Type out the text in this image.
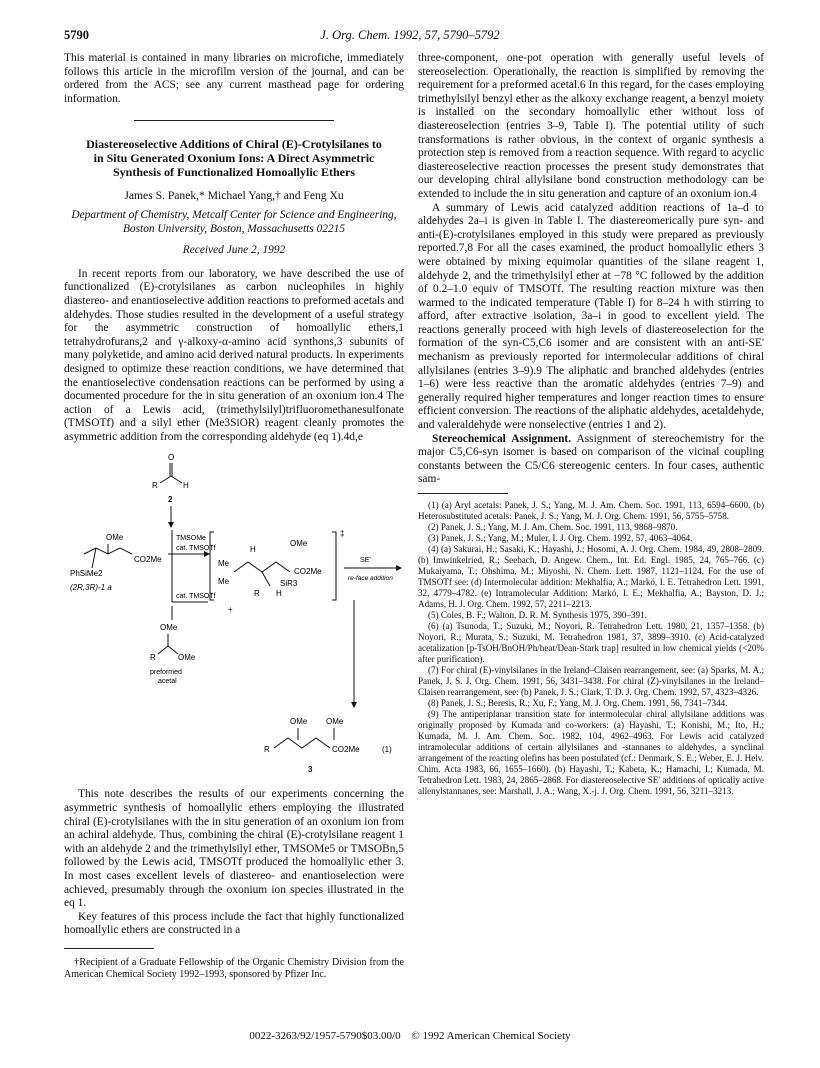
5790	J. Org. Chem. 1992, 57, 5790–5792

This material is contained in many libraries on microfiche, immediately follows this article in the microfilm version of the journal, and can be ordered from the ACS; see any current masthead page for ordering information.

Diastereoselective Additions of Chiral (E)-Crotylsilanes to in Situ Generated Oxonium Ions: A Direct Asymmetric Synthesis of Functionalized Homoallylic Ethers

James S. Panek,* Michael Yang,† and Feng Xu

Department of Chemistry, Metcalf Center for Science and Engineering, Boston University, Boston, Massachusetts 02215

Received June 2, 1992

In recent reports from our laboratory, we have described the use of functionalized (E)-crotylsilanes as carbon nucleophiles in highly diastereo- and enantioselective addition reactions to preformed acetals and aldehydes. Those studies resulted in the development of a useful strategy for the asymmetric construction of homoallylic ethers,1 tetrahydrofurans,2 and γ-alkoxy-α-amino acid synthons,3 subunits of many polyketide, and amino acid derived natural products. In experiments designed to optimize these reaction conditions, we have determined that the enantioselective condensation reactions can be performed by using a documented procedure for the in situ generation of an oxonium ion.4 The action of a Lewis acid, (trimethylsilyl)trifluoromethanesulfonate (TMSOTf) and a silyl ether (Me3SiOR) reagent cleanly promotes the asymmetric addition from the corresponding aldehyde (eq 1).4d,e

O
R	H
2
OMe
CO2Me
PhSiMe2
(2R,3R)-1 a
TMSOMe
cat. TMSOTf
cat. TMSOTf
‡
Me
Me
H
R H
OMe
CO2Me
SiR3
+
SE'
re-face addition
OMe
R	OMe
preformed
acetal
OMe OMe
R	CO2Me
3
(1)

This note describes the results of our experiments concerning the asymmetric synthesis of homoallylic ethers employing the illustrated chiral (E)-crotylsilanes with the in situ generation of an oxonium ion from an achiral aldehyde. Thus, combining the chiral (E)-crotylsilane reagent 1 with an aldehyde 2 and the trimethylsilyl ether, TMSOMe5 or TMSOBn,5 followed by the Lewis acid, TMSOTf produced the homoallylic ether 3. In most cases excellent levels of diastereo- and enantioselection were achieved, presumably through the oxonium ion species illustrated in the eq 1.

Key features of this process include the fact that highly functionalized homoallylic ethers are constructed in a

†Recipient of a Graduate Fellowship of the Organic Chemistry Division from the American Chemical Society 1992–1993, sponsored by Pfizer Inc.

three-component, one-pot operation with generally useful levels of stereoselection. Operationally, the reaction is simplified by removing the requirement for a preformed acetal.6 In this regard, for the cases employing trimethylsilyl benzyl ether as the alkoxy exchange reagent, a benzyl moiety is installed on the secondary homoallylic ether without loss of diastereoselection (entries 3–9, Table I). The potential utility of such transformations is rather obvious, in the context of organic synthesis a protection step is removed from a reaction sequence. With regard to acyclic diastereoselective reaction processes the present study demonstrates that our developing chiral allylsilane bond construction methodology can be extended to include the in situ generation and capture of an oxonium ion.4

A summary of Lewis acid catalyzed addition reactions of 1a–d to aldehydes 2a–i is given in Table I. The diastereomerically pure syn- and anti-(E)-crotylsilanes employed in this study were prepared as previously reported.7,8 For all the cases examined, the product homoallylic ethers 3 were obtained by mixing equimolar quantities of the silane reagent 1, aldehyde 2, and the trimethylsilyl ether at −78 °C followed by the addition of 0.2–1.0 equiv of TMSOTf. The resulting reaction mixture was then warmed to the indicated temperature (Table I) for 8–24 h with stirring to afford, after extractive isolation, 3a–i in good to excellent yield. The reactions generally proceed with high levels of diastereoselection for the formation of the syn-C5,C6 isomer and are consistent with an anti-SE' mechanism as previously reported for intermolecular additions of chiral allylsilanes (entries 3–9).9 The aliphatic and branched aldehydes (entries 1–6) were less reactive than the aromatic aldehydes (entries 7–9) and generally required higher temperatures and longer reaction times to ensure efficient conversion. The reactions of the aliphatic aldehydes, acetaldehyde, and valeraldehyde were nonselective (entries 1 and 2).

Stereochemical Assignment. Assignment of stereochemistry for the major C5,C6-syn isomer is based on comparison of the vicinal coupling constants between the C5/C6 stereogenic centers. In four cases, authentic sam-

(1) (a) Aryl acetals: Panek, J. S.; Yang, M. J. Am. Chem. Soc. 1991, 113, 6594–6600. (b) Heterosubstituted acetals: Panek, J. S.; Yang, M. J. Org. Chem. 1991, 56, 5755–5758.

(2) Panek, J. S.; Yang, M. J. Am. Chem. Soc. 1991, 113, 9868–9870.

(3) Panek, J. S.; Yang, M.; Muler, I. J. Org. Chem. 1992, 57, 4063–4064.

(4) (a) Sakurai, H.; Sasaki, K.; Hayashi, J.; Hosomi, A. J. Org. Chem. 1984, 49, 2808–2809. (b) Imwinkelried, R.; Seebach, D. Angew. Chem., Int. Ed. Engl. 1985, 24, 765–766. (c) Mukaiyama, T.; Ohshima, M.; Miyoshi, N. Chem. Lett. 1987, 1121–1124. For the use of TMSOTf see: (d) Intermolecular addition: Mekhalfia, A.; Markó, I. E. Tetrahedron Lett. 1991, 32, 4779–4782. (e) Intramolecular Addition: Markó, I. E.; Mekhalfia, A.; Bayston, D. J.; Adams, H. J. Org. Chem. 1992, 57, 2211–2213.

(5) Coles, B. F.; Walton, D. R. M. Synthesis 1975, 390–391.

(6) (a) Tsunoda, T.; Suzuki, M.; Noyori, R. Tetrahedron Lett. 1980, 21, 1357–1358. (b) Noyori, R.; Murata, S.; Suzuki, M. Tetrahedron 1981, 37, 3899–3910. (c) Acid-catalyzed acetalization [p-TsOH/BnOH/Ph/heat/Dean-Stark trap] resulted in low chemical yields (<20% after purification).

(7) For chiral (E)-vinylsilanes in the Ireland–Claisen rearrangement, see: (a) Sparks, M. A.; Panek, J. S. J. Org. Chem. 1991, 56, 3431–3438. For chiral (Z)-vinylsilanes in the Ireland–Claisen rearrangement, see: (b) Panek, J. S.; Clark, T. D. J. Org. Chem. 1992, 57, 4323–4326.

(8) Panek, J. S.; Beresis, R.; Xu, F.; Yang, M. J. Org. Chem. 1991, 56, 7341–7344.

(9) The antiperiplanar transition state for intermolecular chiral allylsilane additions was originally proposed by Kumada and co-workers: (a) Hayashi, T.; Konishi, M.; Ito, H.; Kumada, M. J. Am. Chem. Soc. 1982, 104, 4962–4963. For Lewis acid catalyzed intramolecular additions of certain allylsilanes and -stannanes to aldehydes, a synclinal arrangement of the reacting olefins has been postulated (cf.: Denmark, S. E.; Weber, E. J. Helv. Chim. Acta 1983, 66, 1655–1660). (b) Hayashi, T.; Kabeta, K.; Hamachi, I.; Kumada, M. Tetrahedron Lett. 1983, 24, 2865–2868. For diastereoselective SE' additions of optically active allenylstannanes, see: Marshall, J. A.; Wang, X.-j. J. Org. Chem. 1991, 56, 3211–3213.

0022-3263/92/1957-5790$03.00/0 © 1992 American Chemical Society
